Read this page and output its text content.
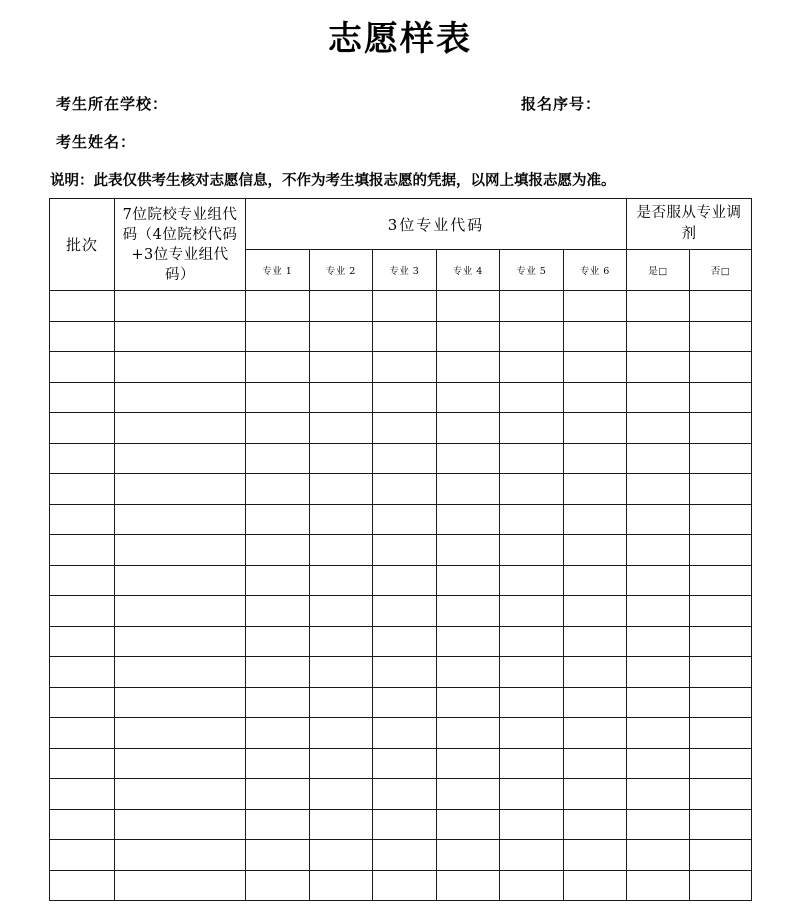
志愿样表
考生所在学校：	报名序号：
考生姓名：
说明：此表仅供考生核对志愿信息，不作为考生填报志愿的凭据，以网上填报志愿为准。
批次	7位院校专业组代码（4位院校代码+3位专业组代码）	3位专业代码						是否服从专业调剂	
		专业 1	专业 2	专业 3	专业 4	专业 5	专业 6	是□	否□
